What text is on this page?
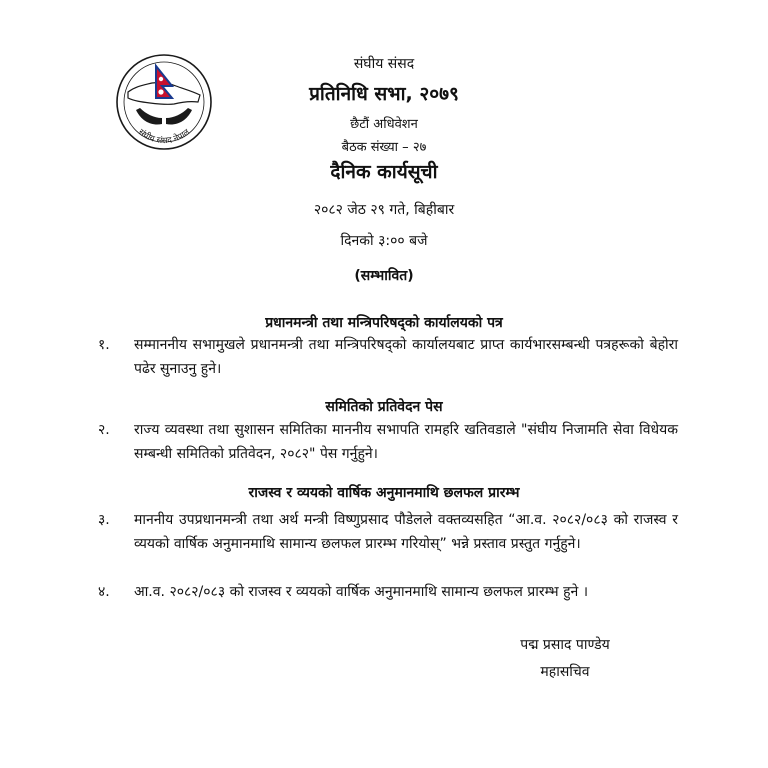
संघीय संसद नेपाल
संघीय संसद
प्रतिनिधि सभा, २०७९
छैटौं अधिवेशन
बैठक संख्या – २७
दैनिक कार्यसूची
२०८२ जेठ २९ गते, बिहीबार
दिनको ३:०० बजे
(सम्भावित)
प्रधानमन्त्री तथा मन्त्रिपरिषद्को कार्यालयको पत्र
१.	सम्माननीय सभामुखले प्रधानमन्त्री तथा मन्त्रिपरिषद्को कार्यालयबाट प्राप्त कार्यभारसम्बन्धी पत्रहरूको बेहोरा पढेर सुनाउनु हुने।
समितिको प्रतिवेदन पेस
२.	राज्य व्यवस्था तथा सुशासन समितिका माननीय सभापति रामहरि खतिवडाले "संघीय निजामति सेवा विधेयक सम्बन्धी समितिको प्रतिवेदन, २०८२" पेस गर्नुहुने।
राजस्व र व्ययको वार्षिक अनुमानमाथि छलफल प्रारम्भ
३.	माननीय उपप्रधानमन्त्री तथा अर्थ मन्त्री विष्णुप्रसाद पौडेलले वक्तव्यसहित “आ.व. २०८२/०८३ को राजस्व र व्ययको वार्षिक अनुमानमाथि सामान्य छलफल प्रारम्भ गरियोस्” भन्ने प्रस्ताव प्रस्तुत गर्नुहुने।
४.	आ.व. २०८२/०८३ को राजस्व र व्ययको वार्षिक अनुमानमाथि सामान्य छलफल प्रारम्भ हुने ।
पद्म प्रसाद पाण्डेय
महासचिव
